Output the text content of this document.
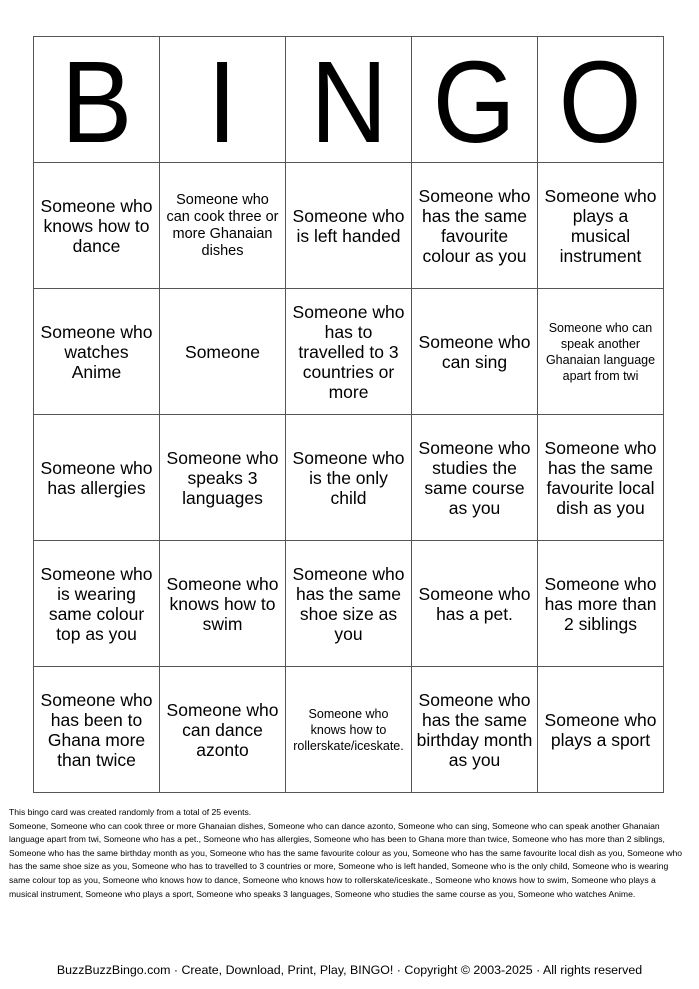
B	I	N	G	O
Someone who knows how to dance	Someone who can cook three or more Ghanaian dishes	Someone who is left handed	Someone who has the same favourite colour as you	Someone who plays a musical instrument
Someone who watches Anime	Someone	Someone who has to travelled to 3 countries or more	Someone who can sing	Someone who can speak another Ghanaian language apart from twi
Someone who has allergies	Someone who speaks 3 languages	Someone who is the only child	Someone who studies the same course as you	Someone who has the same favourite local dish as you
Someone who is wearing same colour top as you	Someone who knows how to swim	Someone who has the same shoe size as you	Someone who has a pet.	Someone who has more than 2 siblings
Someone who has been to Ghana more than twice	Someone who can dance azonto	Someone who knows how to rollerskate/iceskate.	Someone who has the same birthday month as you	Someone who plays a sport
This bingo card was created randomly from a total of 25 events.
Someone, Someone who can cook three or more Ghanaian dishes, Someone who can dance azonto, Someone who can sing, Someone who can speak another Ghanaian language apart from twi, Someone who has a pet., Someone who has allergies, Someone who has been to Ghana more than twice, Someone who has more than 2 siblings, Someone who has the same birthday month as you, Someone who has the same favourite colour as you, Someone who has the same favourite local dish as you, Someone who has the same shoe size as you, Someone who has to travelled to 3 countries or more, Someone who is left handed, Someone who is the only child, Someone who is wearing same colour top as you, Someone who knows how to dance, Someone who knows how to rollerskate/iceskate., Someone who knows how to swim, Someone who plays a musical instrument, Someone who plays a sport, Someone who speaks 3 languages, Someone who studies the same course as you, Someone who watches Anime.
BuzzBuzzBingo.com · Create, Download, Print, Play, BINGO! · Copyright © 2003-2025 · All rights reserved
